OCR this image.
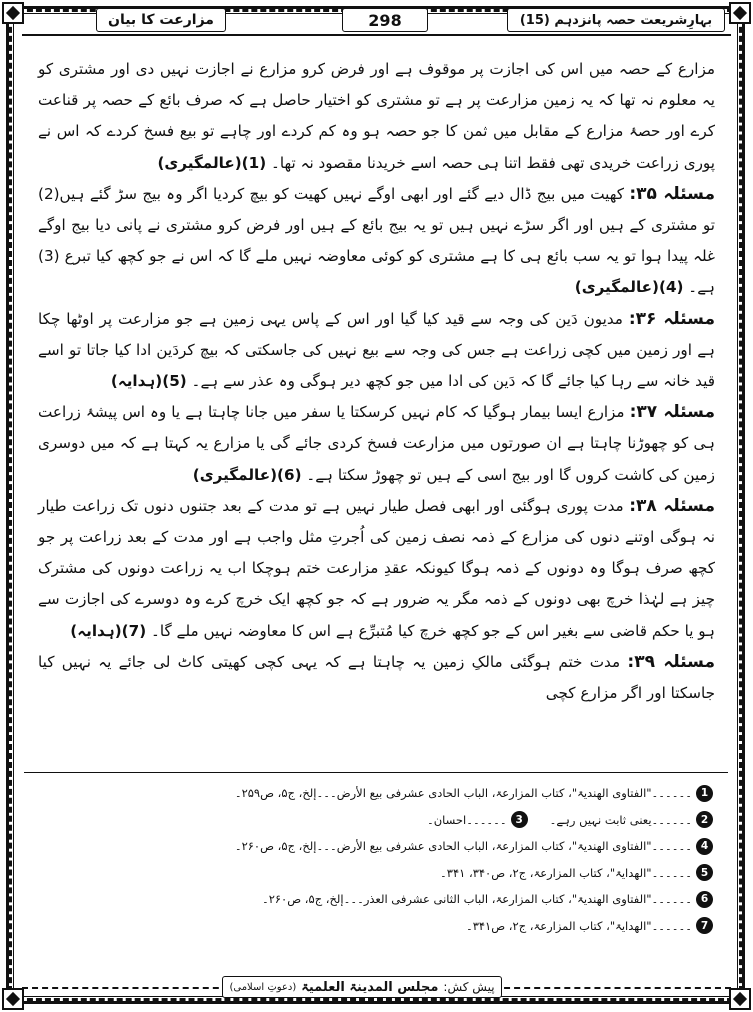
بہارِشریعت حصہ پانزدہم (15)
298
مزارعت کا بیان

مزارع کے حصہ میں اس کی اجازت پر موقوف ہے اور فرض کرو مزارع نے اجازت نہیں دی اور مشتری کو یہ معلوم نہ تھا کہ یہ زمین مزارعت پر ہے تو مشتری کو اختیار حاصل ہے کہ صرف بائع کے حصہ پر قناعت کرے اور حصۂ مزارع کے مقابل میں ثمن کا جو حصہ ہو وہ کم کردے اور چاہے تو بیع فسخ کردے کہ اس نے پوری زراعت خریدی تھی فقط اتنا ہی حصہ اسے خریدنا مقصود نہ تھا۔ (1)(عالمگیری)

مسئلہ ۳۵: کھیت میں بیج ڈال دیے گئے اور ابھی اوگے نہیں کھیت کو بیچ کردیا اگر وہ بیج سڑ گئے ہیں(2) تو مشتری کے ہیں اور اگر سڑے نہیں ہیں تو یہ بیج بائع کے ہیں اور فرض کرو مشتری نے پانی دیا بیج اوگے غلہ پیدا ہوا تو یہ سب بائع ہی کا ہے مشتری کو کوئی معاوضہ نہیں ملے گا کہ اس نے جو کچھ کیا تبرع (3) ہے۔ (4)(عالمگیری)

مسئلہ ۳۶: مدیون دَین کی وجہ سے قید کیا گیا اور اس کے پاس یہی زمین ہے جو مزارعت پر اوٹھا چکا ہے اور زمین میں کچی زراعت ہے جس کی وجہ سے بیع نہیں کی جاسکتی کہ بیچ کردَین ادا کیا جاتا تو اسے قید خانہ سے رہا کیا جائے گا کہ دَین کی ادا میں جو کچھ دیر ہوگی وہ عذر سے ہے۔ (5)(ہدایہ)

مسئلہ ۳۷: مزارع ایسا بیمار ہوگیا کہ کام نہیں کرسکتا یا سفر میں جانا چاہتا ہے یا وہ اس پیشۂ زراعت ہی کو چھوڑنا چاہتا ہے ان صورتوں میں مزارعت فسخ کردی جائے گی یا مزارع یہ کہتا ہے کہ میں دوسری زمین کی کاشت کروں گا اور بیج اسی کے ہیں تو چھوڑ سکتا ہے۔ (6)(عالمگیری)

مسئلہ ۳۸: مدت پوری ہوگئی اور ابھی فصل طیار نہیں ہے تو مدت کے بعد جتنوں دنوں تک زراعت طیار نہ ہوگی اوتنے دنوں کی مزارع کے ذمہ نصف زمین کی اُجرتِ مثل واجب ہے اور مدت کے بعد زراعت پر جو کچھ صرف ہوگا وہ دونوں کے ذمہ ہوگا کیونکہ عقدِ مزارعت ختم ہوچکا اب یہ زراعت دونوں کی مشترک چیز ہے لہٰذا خرچ بھی دونوں کے ذمہ مگر یہ ضرور ہے کہ جو کچھ ایک خرچ کرے وہ دوسرے کی اجازت سے ہو یا حکم قاضی سے بغیر اس کے جو کچھ خرچ کیا مُتبرِّع ہے اس کا معاوضہ نہیں ملے گا۔ (7)(ہدایہ)

مسئلہ ۳۹: مدت ختم ہوگئی مالکِ زمین یہ چاہتا ہے کہ یہی کچی کھیتی کاٹ لی جائے یہ نہیں کیا جاسکتا اور اگر مزارع کچی

1
۔۔۔۔۔۔"الفتاوی الھندیۃ"، کتاب المزارعۃ، الباب الحادی عشرفی بیع الأرض۔۔۔إلخ، ج۵، ص۲۵۹۔
2
۔۔۔۔۔۔یعنی ثابت نہیں رہے۔
3
۔۔۔۔۔۔احسان۔
4
۔۔۔۔۔۔"الفتاوی الھندیۃ"، کتاب المزارعۃ، الباب الحادی عشرفی بیع الأرض۔۔۔إلخ، ج۵، ص۲۶۰۔
5
۔۔۔۔۔۔"الھدایۃ"، کتاب المزارعۃ، ج۲، ص۳۴۰، ۳۴۱۔
6
۔۔۔۔۔۔"الفتاوی الھندیۃ"، کتاب المزارعۃ، الباب الثانی عشرفی العذر۔۔۔إلخ، ج۵، ص۲۶۰۔
7
۔۔۔۔۔۔"الھدایۃ"، کتاب المزارعۃ، ج۲، ص۳۴۱۔
پیش کش:
مجلس المدینۃ العلمیۃ
(دعوتِ اسلامی)
